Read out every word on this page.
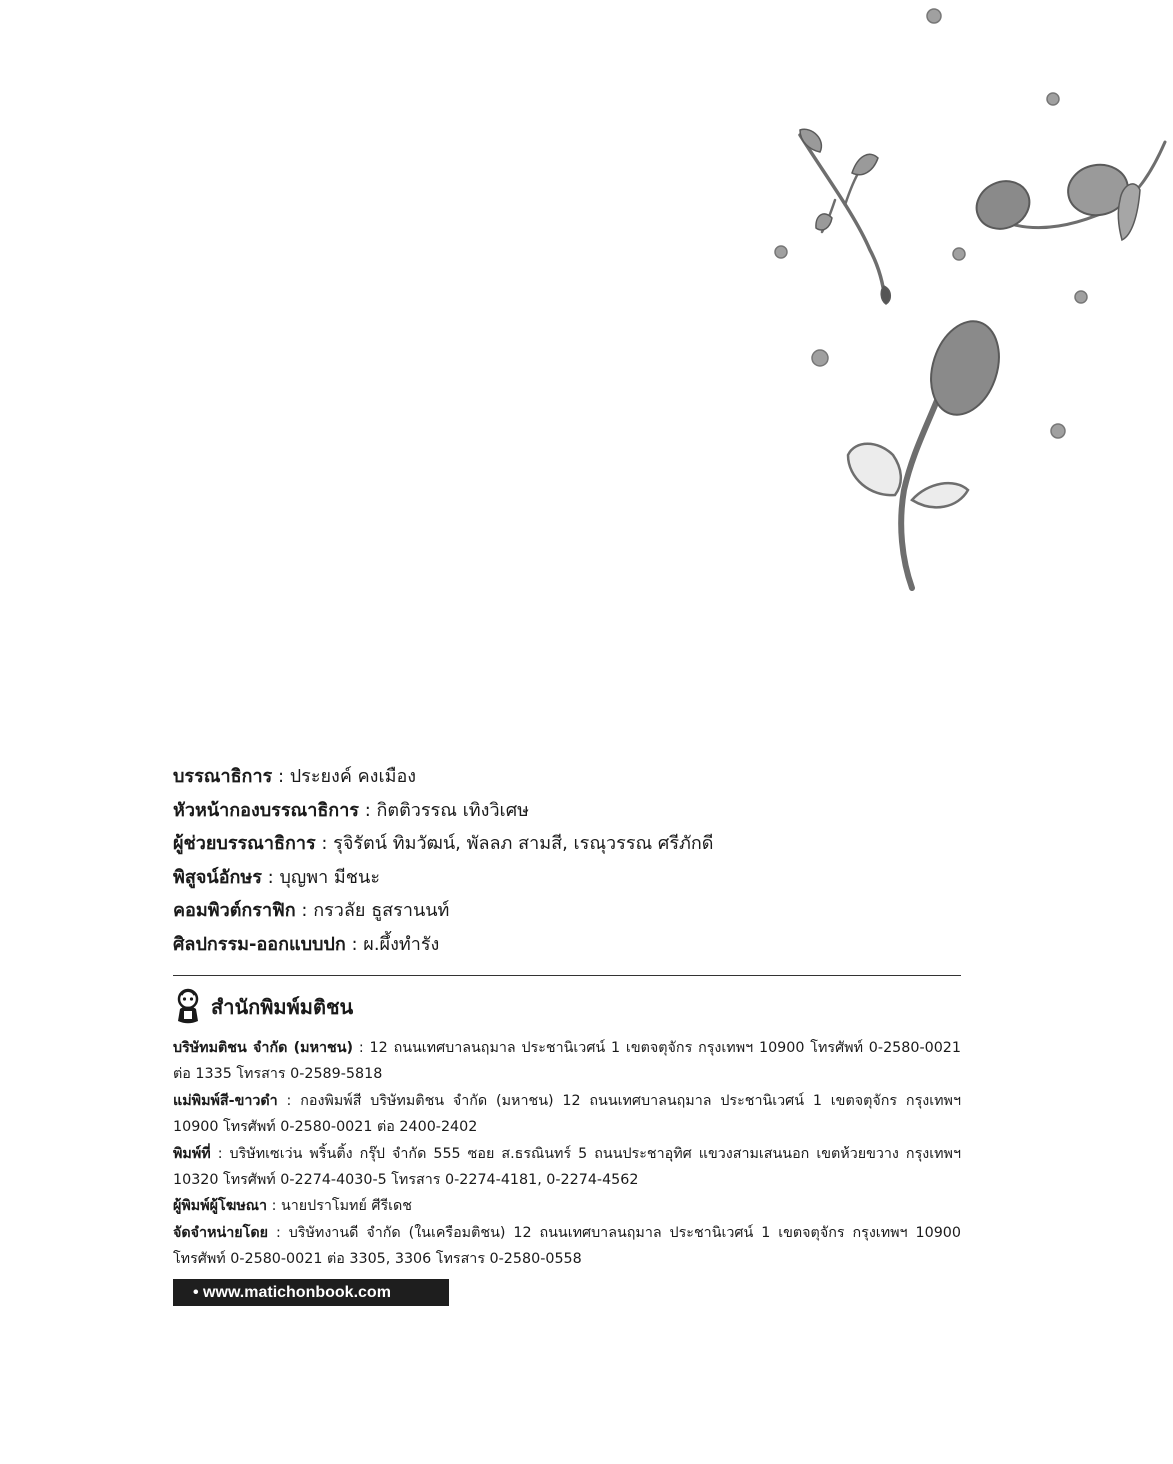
บรรณาธิการ : ประยงค์ คงเมือง
หัวหน้ากองบรรณาธิการ : กิตติวรรณ เทิงวิเศษ
ผู้ช่วยบรรณาธิการ : รุจิรัตน์ ทิมวัฒน์, พัลลภ สามสี, เรณุวรรณ ศรีภักดี
พิสูจน์อักษร : บุญพา มีชนะ
คอมพิวต์กราฟิก : กรวลัย ธูสรานนท์
ศิลปกรรม-ออกแบบปก : ผ.ผึ้งทำรัง
สำนักพิมพ์มติชน

บริษัทมติชน จำกัด (มหาชน) : 12 ถนนเทศบาลนฤมาล ประชานิเวศน์ 1 เขตจตุจักร กรุงเทพฯ 10900 โทรศัพท์ 0-2580-0021 ต่อ 1335 โทรสาร 0-2589-5818

แม่พิมพ์สี-ขาวดำ : กองพิมพ์สี บริษัทมติชน จำกัด (มหาชน) 12 ถนนเทศบาลนฤมาล ประชานิเวศน์ 1 เขตจตุจักร กรุงเทพฯ 10900 โทรศัพท์ 0-2580-0021 ต่อ 2400-2402

พิมพ์ที่ : บริษัทเซเว่น พริ้นติ้ง กรุ๊ป จำกัด 555 ซอย ส.ธรณินทร์ 5 ถนนประชาอุทิศ แขวงสามเสนนอก เขตห้วยขวาง กรุงเทพฯ 10320 โทรศัพท์ 0-2274-4030-5 โทรสาร 0-2274-4181, 0-2274-4562

ผู้พิมพ์ผู้โฆษณา : นายปราโมทย์ ศีรีเดช

จัดจำหน่ายโดย : บริษัทงานดี จำกัด (ในเครือมติชน) 12 ถนนเทศบาลนฤมาล ประชานิเวศน์ 1 เขตจตุจักร กรุงเทพฯ 10900 โทรศัพท์ 0-2580-0021 ต่อ 3305, 3306 โทรสาร 0-2580-0558

• www.matichonbook.com
